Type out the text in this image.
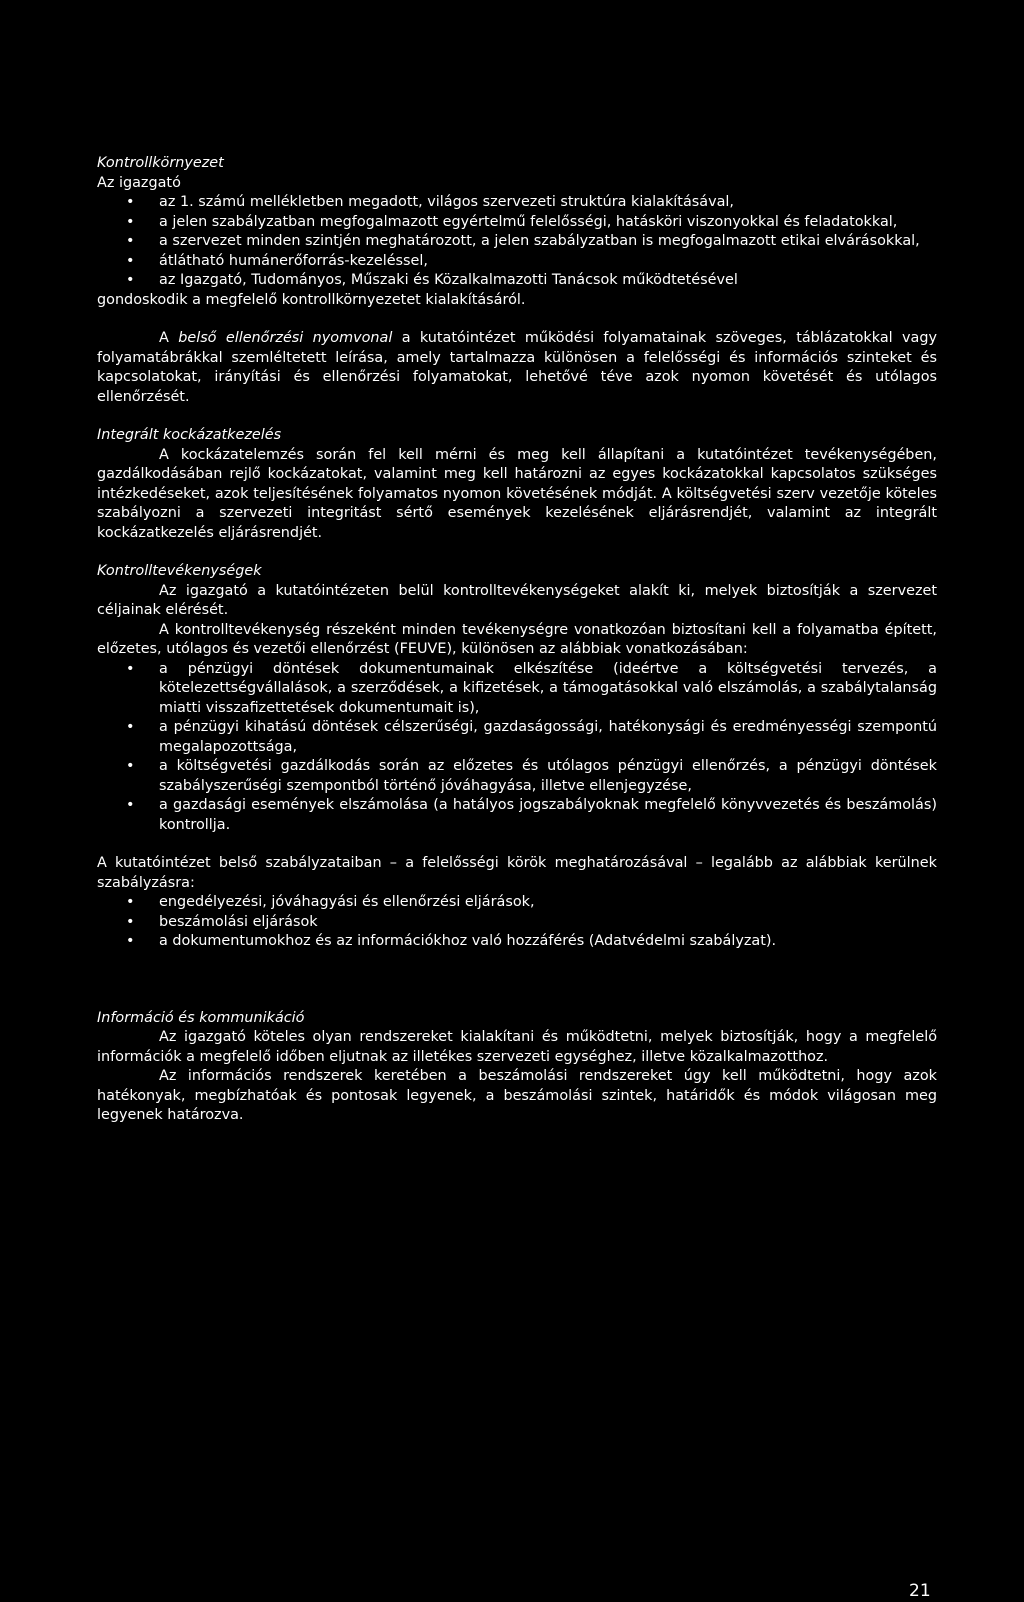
Kontrollkörnyezet
Az igazgató
• az 1. számú mellékletben megadott, világos szervezeti struktúra kialakításával,
• a jelen szabályzatban megfogalmazott egyértelmű felelősségi, hatásköri viszonyokkal és feladatokkal,
• a szervezet minden szintjén meghatározott, a jelen szabályzatban is megfogalmazott etikai elvárásokkal,
• átlátható humánerőforrás-kezeléssel,
• az Igazgató, Tudományos, Műszaki és Közalkalmazotti Tanácsok működtetésével
gondoskodik a megfelelő kontrollkörnyezetet kialakításáról.

A belső ellenőrzési nyomvonal a kutatóintézet működési folyamatainak szöveges, táblázatokkal vagy folyamatábrákkal szemléltetett leírása, amely tartalmazza különösen a felelősségi és információs szinteket és kapcsolatokat, irányítási és ellenőrzési folyamatokat, lehetővé téve azok nyomon követését és utólagos ellenőrzését.

Integrált kockázatkezelés
A kockázatelemzés során fel kell mérni és meg kell állapítani a kutatóintézet tevékenységében, gazdálkodásában rejlő kockázatokat, valamint meg kell határozni az egyes kockázatokkal kapcsolatos szükséges intézkedéseket, azok teljesítésének folyamatos nyomon követésének módját. A költségvetési szerv vezetője köteles szabályozni a szervezeti integritást sértő események kezelésének eljárásrendjét, valamint az integrált kockázatkezelés eljárásrendjét.
Kontrolltevékenységek
Az igazgató a kutatóintézeten belül kontrolltevékenységeket alakít ki, melyek biztosítják a szervezet céljainak elérését.
A kontrolltevékenység részeként minden tevékenységre vonatkozóan biztosítani kell a folyamatba épített, előzetes, utólagos és vezetői ellenőrzést (FEUVE), különösen az alábbiak vonatkozásában:
• a pénzügyi döntések dokumentumainak elkészítése (ideértve a költségvetési tervezés, a kötelezettségvállalások, a szerződések, a kifizetések, a támogatásokkal való elszámolás, a szabálytalanság miatti visszafizettetések dokumentumait is),
• a pénzügyi kihatású döntések célszerűségi, gazdaságossági, hatékonysági és eredményességi szempontú megalapozottsága,
• a költségvetési gazdálkodás során az előzetes és utólagos pénzügyi ellenőrzés, a pénzügyi döntések szabályszerűségi szempontból történő jóváhagyása, illetve ellenjegyzése,
• a gazdasági események elszámolása (a hatályos jogszabályoknak megfelelő könyvvezetés és beszámolás) kontrollja.
A kutatóintézet belső szabályzataiban – a felelősségi körök meghatározásával – legalább az alábbiak kerülnek szabályzásra:
• engedélyezési, jóváhagyási és ellenőrzési eljárások,
• beszámolási eljárások
• a dokumentumokhoz és az információkhoz való hozzáférés (Adatvédelmi szabályzat).
Információ és kommunikáció
Az igazgató köteles olyan rendszereket kialakítani és működtetni, melyek biztosítják, hogy a megfelelő információk a megfelelő időben eljutnak az illetékes szervezeti egységhez, illetve közalkalmazotthoz.
Az információs rendszerek keretében a beszámolási rendszereket úgy kell működtetni, hogy azok hatékonyak, megbízhatóak és pontosak legyenek, a beszámolási szintek, határidők és módok világosan meg legyenek határozva.
21
